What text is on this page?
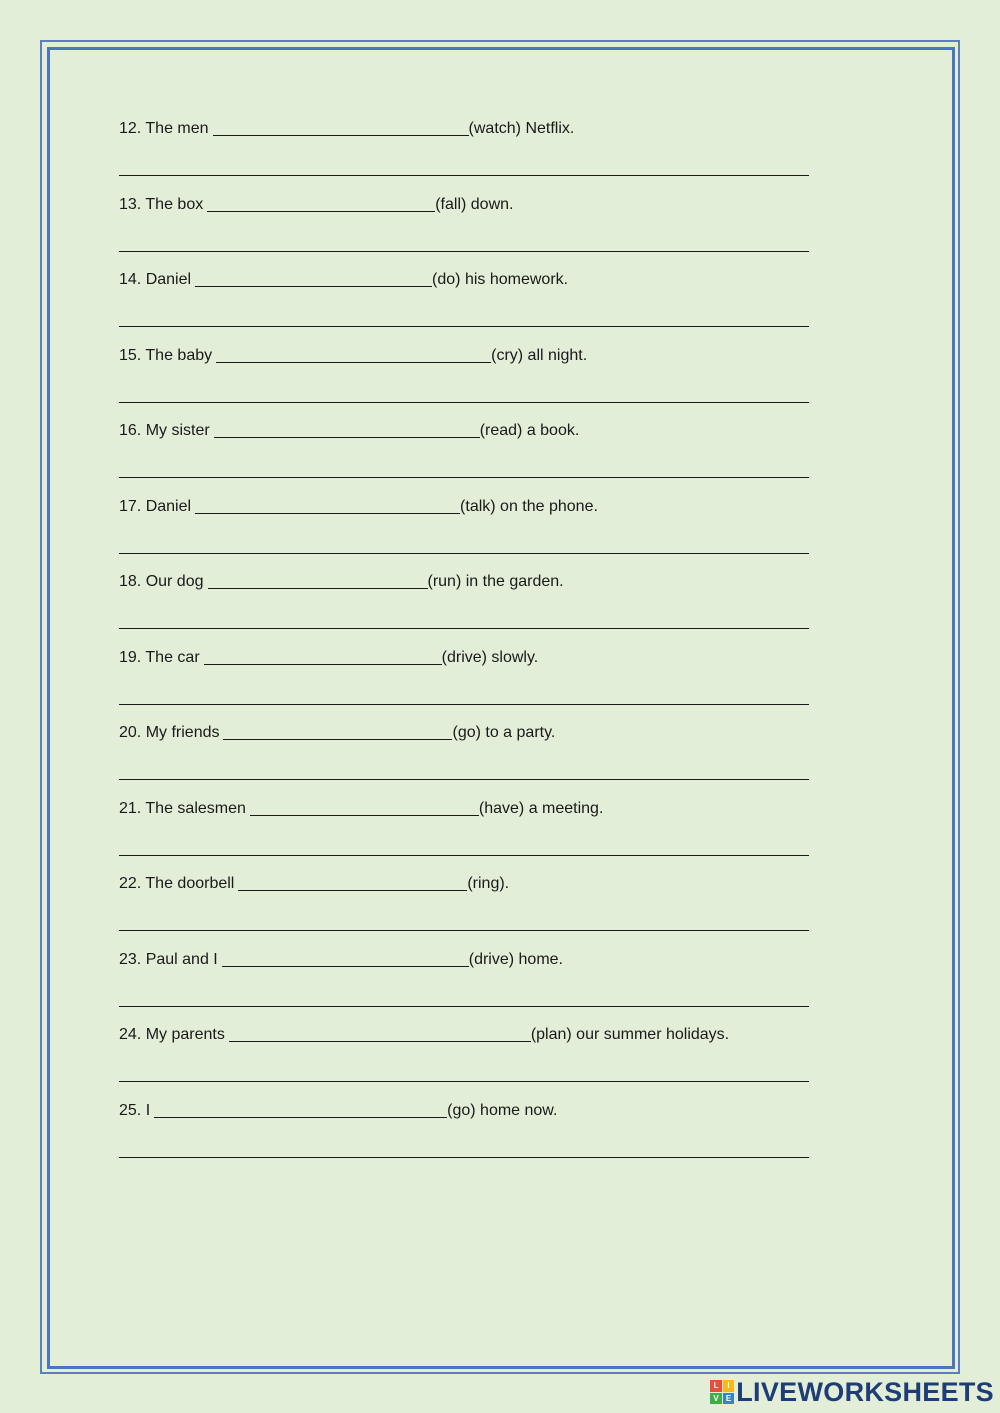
12. The men	(watch) Netflix.
13. The box	(fall) down.
14. Daniel	(do) his homework.
15. The baby	(cry) all night.
16. My sister	(read) a book.
17. Daniel	(talk) on the phone.
18. Our dog	(run) in the garden.
19. The car	(drive) slowly.
20. My friends	(go) to a party.
21. The salesmen	(have) a meeting.
22. The doorbell	(ring).
23. Paul and I	(drive) home.
24. My parents	(plan) our summer holidays.
25. I	(go) home now.
L	I
V E LIVEWORKSHEETS
